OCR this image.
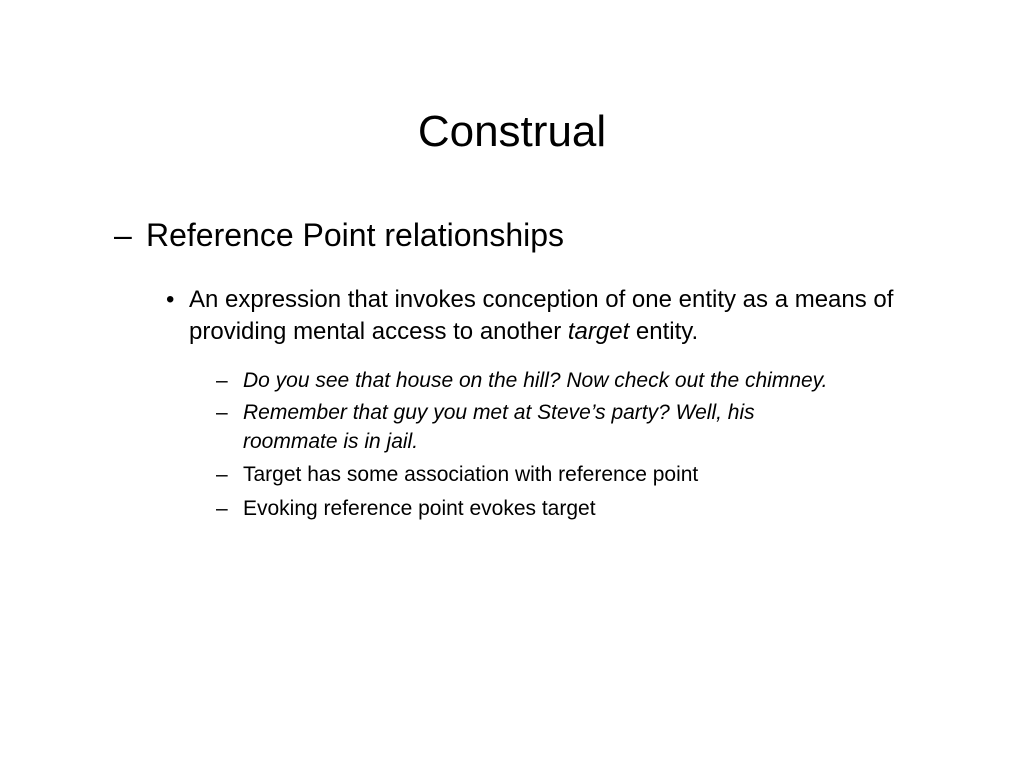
Construal
– Reference Point relationships
• An expression that invokes conception of one entity as a means of providing mental access to another target entity.
– Do you see that house on the hill? Now check out the chimney.
– Remember that guy you met at Steve’s party? Well, his
roommate is in jail.
– Target has some association with reference point
– Evoking reference point evokes target
